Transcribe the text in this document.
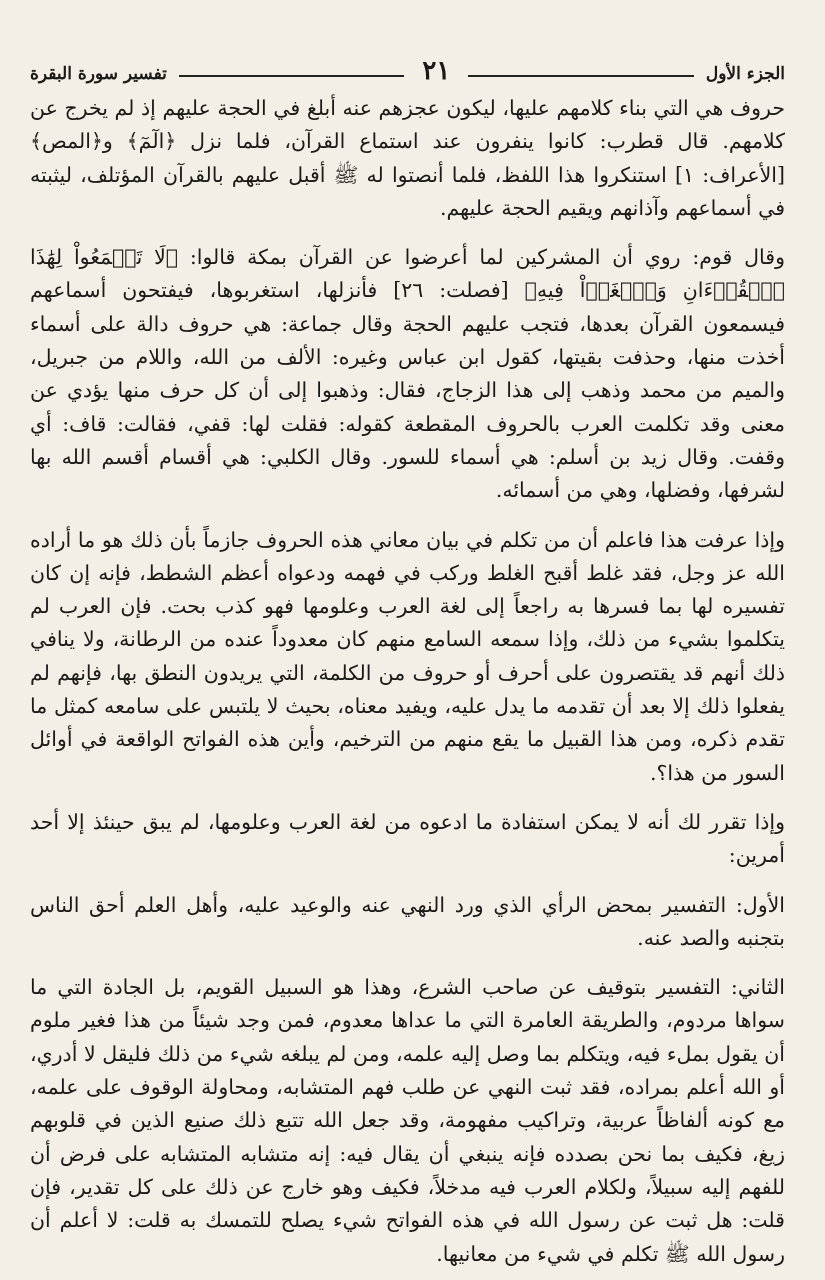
الجزء الأول
٢١
تفسير سورة البقرة

حروف هي التي بناء كلامهم عليها، ليكون عجزهم عنه أبلغ في الحجة عليهم إذ لم يخرج عن كلامهم. قال قطرب: كانوا ينفرون عند استماع القرآن، فلما نزل ﴿الٓمٓ﴾ و﴿المص﴾ [الأعراف: ١] استنكروا هذا اللفظ، فلما أنصتوا له ﷺ أقبل عليهم بالقرآن المؤتلف، ليثبته في أسماعهم وآذانهم ويقيم الحجة عليهم.

وقال قوم: روي أن المشركين لما أعرضوا عن القرآن بمكة قالوا: ﴿لَا تَسۡمَعُواْ لِهَٰذَا ٱلۡقُرۡءَانِ وَٱلۡغَوۡاْ فِيهِ﴾ [فصلت: ٢٦] فأنزلها، استغربوها، فيفتحون أسماعهم فيسمعون القرآن بعدها، فتجب عليهم الحجة وقال جماعة: هي حروف دالة على أسماء أخذت منها، وحذفت بقيتها، كقول ابن عباس وغيره: الألف من الله، واللام من جبريل، والميم من محمد وذهب إلى هذا الزجاج، فقال: وذهبوا إلى أن كل حرف منها يؤدي عن معنى وقد تكلمت العرب بالحروف المقطعة كقوله: فقلت لها: قفي، فقالت: قاف: أي وقفت. وقال زيد بن أسلم: هي أسماء للسور. وقال الكلبي: هي أقسام أقسم الله بها لشرفها، وفضلها، وهي من أسمائه.

وإذا عرفت هذا فاعلم أن من تكلم في بيان معاني هذه الحروف جازماً بأن ذلك هو ما أراده الله عز وجل، فقد غلط أقبح الغلط وركب في فهمه ودعواه أعظم الشطط، فإنه إن كان تفسيره لها بما فسرها به راجعاً إلى لغة العرب وعلومها فهو كذب بحت. فإن العرب لم يتكلموا بشيء من ذلك، وإذا سمعه السامع منهم كان معدوداً عنده من الرطانة، ولا ينافي ذلك أنهم قد يقتصرون على أحرف أو حروف من الكلمة، التي يريدون النطق بها، فإنهم لم يفعلوا ذلك إلا بعد أن تقدمه ما يدل عليه، ويفيد معناه، بحيث لا يلتبس على سامعه كمثل ما تقدم ذكره، ومن هذا القبيل ما يقع منهم من الترخيم، وأين هذه الفواتح الواقعة في أوائل السور من هذا؟.

وإذا تقرر لك أنه لا يمكن استفادة ما ادعوه من لغة العرب وعلومها، لم يبق حينئذ إلا أحد أمرين:

الأول: التفسير بمحض الرأي الذي ورد النهي عنه والوعيد عليه، وأهل العلم أحق الناس بتجنبه والصد عنه.

الثاني: التفسير بتوقيف عن صاحب الشرع، وهذا هو السبيل القويم، بل الجادة التي ما سواها مردوم، والطريقة العامرة التي ما عداها معدوم، فمن وجد شيئاً من هذا فغير ملوم أن يقول بملء فيه، ويتكلم بما وصل إليه علمه، ومن لم يبلغه شيء من ذلك فليقل لا أدري، أو الله أعلم بمراده، فقد ثبت النهي عن طلب فهم المتشابه، ومحاولة الوقوف على علمه، مع كونه ألفاظاً عربية، وتراكيب مفهومة، وقد جعل الله تتبع ذلك صنيع الذين في قلوبهم زيغ، فكيف بما نحن بصدده فإنه ينبغي أن يقال فيه: إنه متشابه المتشابه على فرض أن للفهم إليه سبيلاً، ولكلام العرب فيه مدخلاً، فكيف وهو خارج عن ذلك على كل تقدير، فإن قلت: هل ثبت عن رسول الله في هذه الفواتح شيء يصلح للتمسك به قلت: لا أعلم أن رسول الله ﷺ تكلم في شيء من معانيها.
